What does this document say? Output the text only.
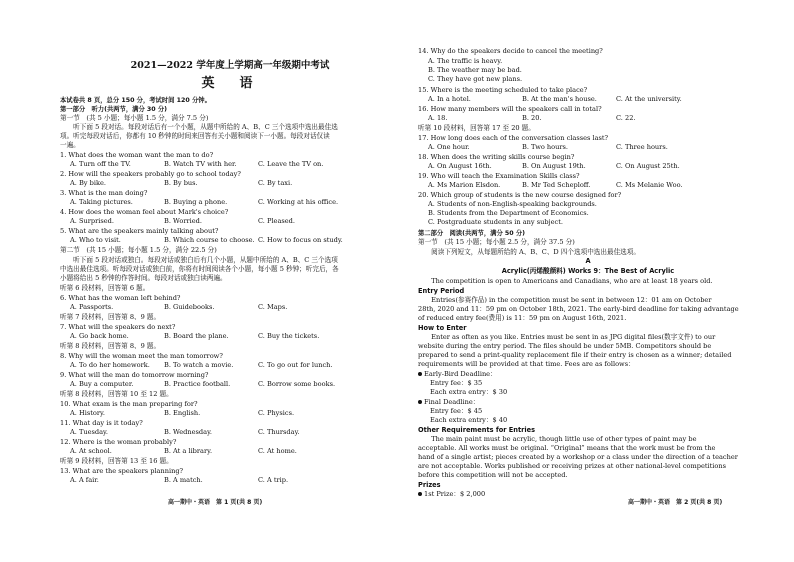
2021—2022 学年度上学期高一年级期中考试
英　语
本试卷共 8 页，总分 150 分，考试时间 120 分钟。
第一部分　听力(共两节，满分 30 分)
第一节　(共 5 小题；每小题 1.5 分，满分 7.5 分)
　　听下面 5 段对话。每段对话后有一个小题，从题中所给的 A、B、C 三个选项中选出最佳选
项。听完每段对话后，你都有 10 秒钟的时间来回答有关小题和阅读下一小题。每段对话仅读
一遍。
1. What does the woman want the man to do?
A. Turn off the TV.	B. Watch TV with her.	C. Leave the TV on.
2. How will the speakers probably go to school today?
A. By bike.	B. By bus.	C. By taxi.
3. What is the man doing?
A. Taking pictures.	B. Buying a phone.	C. Working at his office.
4. How does the woman feel about Mark's choice?
A. Surprised.	B. Worried.	C. Pleased.
5. What are the speakers mainly talking about?
A. Who to visit.	B. Which course to choose. C. How to focus on study.
第二节　(共 15 小题；每小题 1.5 分，满分 22.5 分)
　　听下面 5 段对话或独白。每段对话或独白后有几个小题，从题中所给的 A、B、C 三个选项
中选出最佳选项。听每段对话或独白前，你将有时间阅读各个小题，每小题 5 秒钟；听完后，各
小题将给出 5 秒钟的作答时间。每段对话或独白读两遍。
听第 6 段材料，回答第 6 题。
6. What has the woman left behind?
A. Passports.	B. Guidebooks.	C. Maps.
听第 7 段材料，回答第 8、9 题。
7. What will the speakers do next?
A. Go back home.	B. Board the plane.	C. Buy the tickets.
听第 8 段材料，回答第 8、9 题。
8. Why will the woman meet the man tomorrow?
A. To do her homework. B. To watch a movie.	C. To go out for lunch.
9. What will the man do tomorrow morning?
A. Buy a computer.	B. Practice football.	C. Borrow some books.
听第 8 段材料，回答第 10 至 12 题。
10. What exam is the man preparing for?
A. History.	B. English.	C. Physics.
11. What day is it today?
A. Tuesday.	B. Wednesday.	C. Thursday.
12. Where is the woman probably?
A. At school.	B. At a library.	C. At home.
听第 9 段材料，回答第 13 至 16 题。
13. What are the speakers planning?
A. A fair.	B. A match.	C. A trip.
高一期中・英语　第 1 页(共 8 页)
14. Why do the speakers decide to cancel the meeting?
A. The traffic is heavy.
B. The weather may be bad.
C. They have got new plans.
15. Where is the meeting scheduled to take place?
A. In a hotel.	B. At the man's house.	C. At the university.
16. How many members will the speakers call in total?
A. 18.	B. 20.	C. 22.
听第 10 段材料，回答第 17 至 20 题。
17. How long does each of the conversation classes last?
A. One hour.	B. Two hours.	C. Three hours.
18. When does the writing skills course begin?
A. On August 16th.	B. On August 19th.	C. On August 25th.
19. Who will teach the Examination Skills class?
A. Ms Marion Elsdon.	B. Mr Ted Scheploff.	C. Ms Melanie Woo.
20. Which group of students is the new course designed for?
A. Students of non-English-speaking backgrounds.
B. Students from the Department of Economics.
C. Postgraduate students in any subject.
第二部分　阅读(共两节，满分 50 分)
第一节　(共 15 小题；每小题 2.5 分，满分 37.5 分)
　　阅读下列短文，从每题所给的 A、B、C、D 四个选项中选出最佳选项。
A
Acrylic(丙烯酸颜料) Works 9：The Best of Acrylic
　　The competition is open to Americans and Canadians, who are at least 18 years old.
Entry Period
　　Entries(参赛作品) in the competition must be sent in between 12：01 am on October
28th, 2020 and 11：59 pm on October 18th, 2021. The early-bird deadline for taking advantage
of reduced entry fee(费用) is 11：59 pm on August 16th, 2021.
How to Enter
　　Enter as often as you like. Entries must be sent in as JPG digital files(数字文件) to our
website during the entry period. The files should be under 5MB. Competitors should be
prepared to send a print-quality replacement file if their entry is chosen as a winner; detailed
requirements will be provided at that time. Fees are as follows：
Early-Bird Deadline：
Entry fee：$ 35
Each extra entry：$ 30
Final Deadline：
Entry fee：$ 45
Each extra entry：$ 40
Other Requirements for Entries
　　The main paint must be acrylic, though little use of other types of paint may be
acceptable. All works must be original. “Original” means that the work must be from the
hand of a single artist; pieces created by a workshop or a class under the direction of a teacher
are not acceptable. Works published or receiving prizes at other national-level competitions
before this competition will not be accepted.
Prizes
1st Prize：$ 2,000
高一期中・英语　第 2 页(共 8 页)
